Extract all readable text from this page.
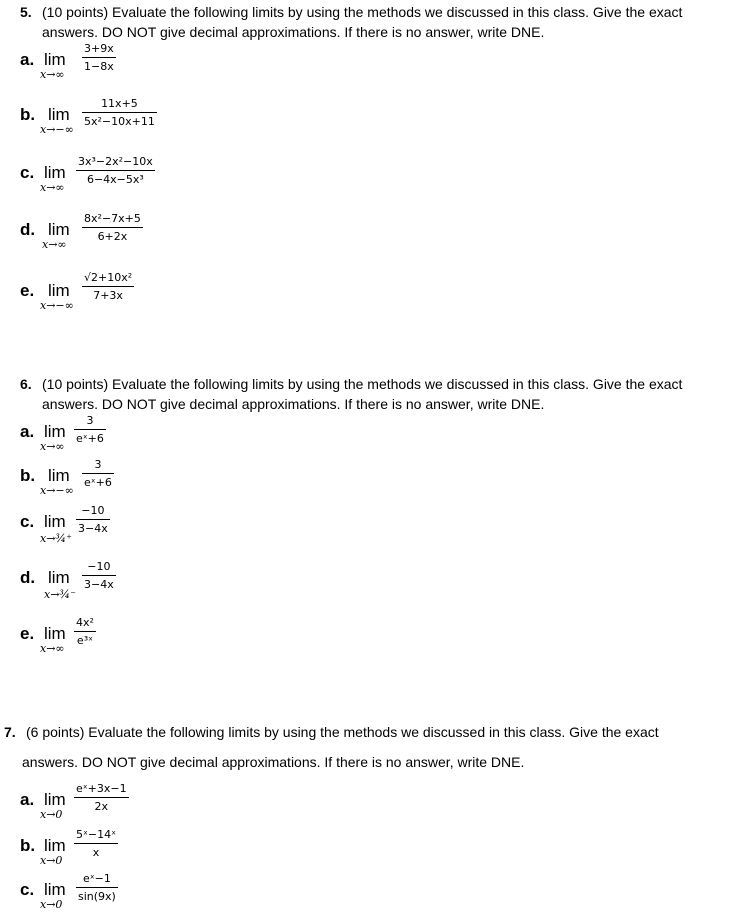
5. (10 points) Evaluate the following limits by using the methods we discussed in this class. Give the exact
answers. DO NOT give decimal approximations. If there is no answer, write DNE.
a. lim
x→∞
3+9x
1−8x
b. lim
x→−∞
11x+5
5x²−10x+11
c. lim
x→∞
3x³−2x²−10x
6−4x−5x³
d. lim
x→∞
8x²−7x+5
6+2x
e. lim
x→−∞
√2+10x²
7+3x
6. (10 points) Evaluate the following limits by using the methods we discussed in this class. Give the exact
answers. DO NOT give decimal approximations. If there is no answer, write DNE.
a. lim
x→∞
3
eˣ+6
b. lim
x→−∞
3
eˣ+6
c. lim
x→¾⁺
−10
3−4x
d. lim
x→¾⁻
−10
3−4x
e. lim
x→∞
4x²
e³ˣ
7. (6 points) Evaluate the following limits by using the methods we discussed in this class. Give the exact
answers. DO NOT give decimal approximations. If there is no answer, write DNE.
a. lim
x→0
eˣ+3x−1
2x
b. lim
x→0
5ˣ−14ˣ
x
c. lim
x→0
eˣ−1
sin(9x)
